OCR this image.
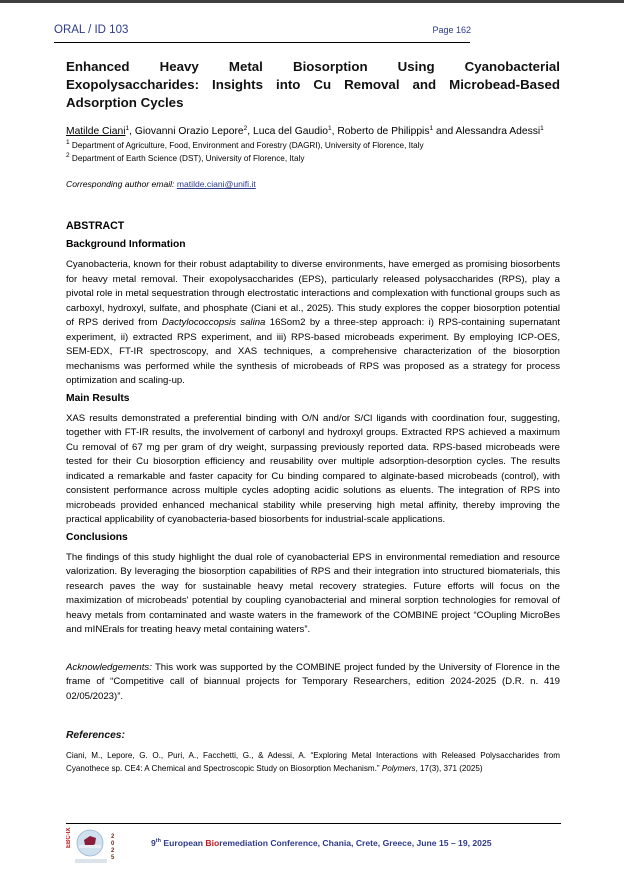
ORAL / ID 103	Page 162
Enhanced Heavy Metal Biosorption Using Cyanobacterial Exopolysaccharides: Insights into Cu Removal and Microbead-Based Adsorption Cycles
Matilde Ciani$^1$, Giovanni Orazio Lepore$^2$, Luca del Gaudio$^1$, Roberto de Philippis$^1$ and Alessandra Adessi$^1$
$^1$ Department of Agriculture, Food, Environment and Forestry (DAGRI), University of Florence, Italy
$^2$ Department of Earth Science (DST), University of Florence, Italy
Corresponding author email: matilde.ciani@unifi.it
ABSTRACT
Background Information

Cyanobacteria, known for their robust adaptability to diverse environments, have emerged as promising biosorbents for heavy metal removal. Their exopolysaccharides (EPS), particularly released polysaccharides (RPS), play a pivotal role in metal sequestration through electrostatic interactions and complexation with functional groups such as carboxyl, hydroxyl, sulfate, and phosphate (Ciani et al., 2025). This study explores the copper biosorption potential of RPS derived from Dactylococcopsis salina 16Som2 by a three-step approach: i) RPS-containing supernatant experiment, ii) extracted RPS experiment, and iii) RPS-based microbeads experiment. By employing ICP-OES, SEM-EDX, FT-IR spectroscopy, and XAS techniques, a comprehensive characterization of the biosorption mechanisms was performed while the synthesis of microbeads of RPS was proposed as a strategy for process optimization and scaling-up.

Main Results

XAS results demonstrated a preferential binding with O/N and/or S/Cl ligands with coordination four, suggesting, together with FT-IR results, the involvement of carbonyl and hydroxyl groups. Extracted RPS achieved a maximum Cu removal of 67 mg per gram of dry weight, surpassing previously reported data. RPS-based microbeads were tested for their Cu biosorption efficiency and reusability over multiple adsorption-desorption cycles. The results indicated a remarkable and faster capacity for Cu binding compared to alginate-based microbeads (control), with consistent performance across multiple cycles adopting acidic solutions as eluents. The integration of RPS into microbeads provided enhanced mechanical stability while preserving high metal affinity, thereby improving the practical applicability of cyanobacteria-based biosorbents for industrial-scale applications.

Conclusions

The findings of this study highlight the dual role of cyanobacterial EPS in environmental remediation and resource valorization. By leveraging the biosorption capabilities of RPS and their integration into structured biomaterials, this research paves the way for sustainable heavy metal recovery strategies. Future efforts will focus on the maximization of microbeads' potential by coupling cyanobacterial and mineral sorption technologies for removal of heavy metals from contaminated and waste waters in the framework of the COMBINE project “COupling MicroBes and mINErals for treating heavy metal containing waters”.

Acknowledgements: This work was supported by the COMBINE project funded by the University of Florence in the frame of “Competitive call of biannual projects for Temporary Researchers, edition 2024-2025 (D.R. n. 419 02/05/2023)”.

References:

Ciani, M., Lepore, G. O., Puri, A., Facchetti, G., & Adessi, A. “Exploring Metal Interactions with Released Polysaccharides from Cyanothece sp. CE4: A Chemical and Spectroscopic Study on Biosorption Mechanism.” Polymers, 17(3), 371 (2025)

EBC-IX	2
0
2
5
9th European Bioremediation Conference, Chania, Crete, Greece, June 15 – 19, 2025
